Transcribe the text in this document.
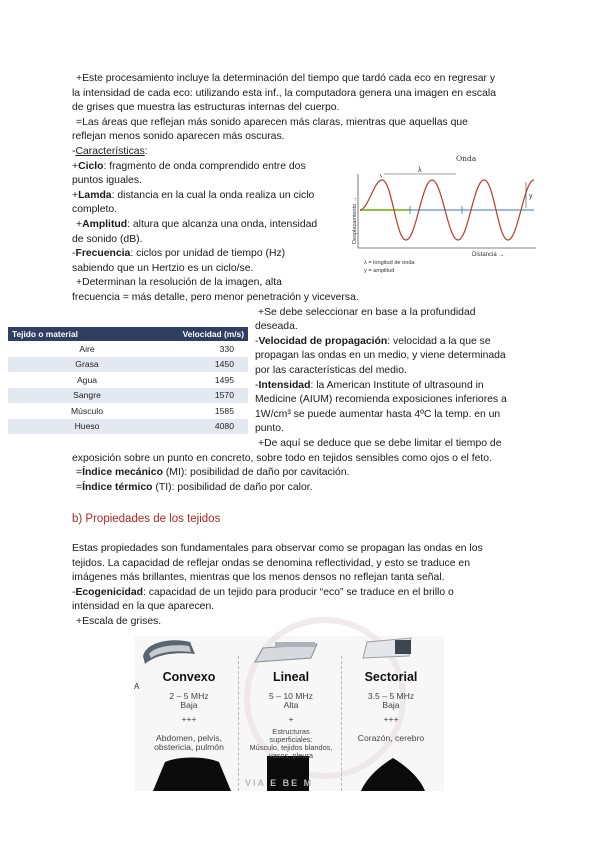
+Este procesamiento incluye la determinación del tiempo que tardó cada eco en regresar y
la intensidad de cada eco: utilizando esta inf., la computadora genera una imagen en escala
de grises que muestra las estructuras internas del cuerpo.
=Las áreas que reflejan más sonido aparecen más claras, mientras que aquellas que
reflejan menos sonido aparecen más oscuras.
-Características:
+Ciclo: fragmento de onda comprendido entre dos
puntos iguales.
+Lamda: distancia en la cual la onda realiza un ciclo
completo.
+Amplitud: altura que alcanza una onda, intensidad
de sonido (dB).
-Frecuencia: ciclos por unidad de tiempo (Hz)
sabiendo que un Hertzio es un ciclo/se.
+Determinan la resolución de la imagen, alta
frecuencia = más detalle, pero menor penetración y viceversa.
Onda
λ
y
Desplazamiento →
Distancia →
λ = longitud de onda
y = amplitud
+Se debe seleccionar en base a la profundidad
deseada.
-Velocidad de propagación: velocidad a la que se
propagan las ondas en un medio, y viene determinada
por las características del medio.
-Intensidad: la American Institute of ultrasound in
Medicine (AIUM) recomienda exposiciones inferiores a
1W/cm³ se puede aumentar hasta 4ºC la temp. en un
punto.
+De aquí se deduce que se debe limitar el tiempo de
exposición sobre un punto en concreto, sobre todo en tejidos sensibles como ojos o el feto.
=Índice mecánico (MI): posibilidad de daño por cavitación.
=Índice térmico (TI): posibilidad de daño por calor.
Tejido o material	Velocidad (m/s)
Aire	330
Grasa	1450
Agua	1495
Sangre	1570
Músculo	1585
Hueso	4080
b) Propiedades de los tejidos
Estas propiedades son fundamentales para observar como se propagan las ondas en los
tejidos. La capacidad de reflejar ondas se denomina reflectividad, y esto se traduce en
imágenes más brillantes, mientras que los menos densos no reflejan tanta señal.
-Ecogenicidad: capacidad de un tejido para producir “eco” se traduce en el brillo o
intensidad en la que aparecen.
+Escala de grises.
A
Convexo
2 – 5 MHz
Baja
+++
Abdomen, pelvis,
obstericia, pulmón
Lineal
5 – 10 MHz
Alta
+
Estructuras
superficiales:
Músculo, tejidos blandos, vasos, pleura
Sectorial
3.5 – 5 MHz
Baja
+++
Corazón, cerebro
VIA E BE M
